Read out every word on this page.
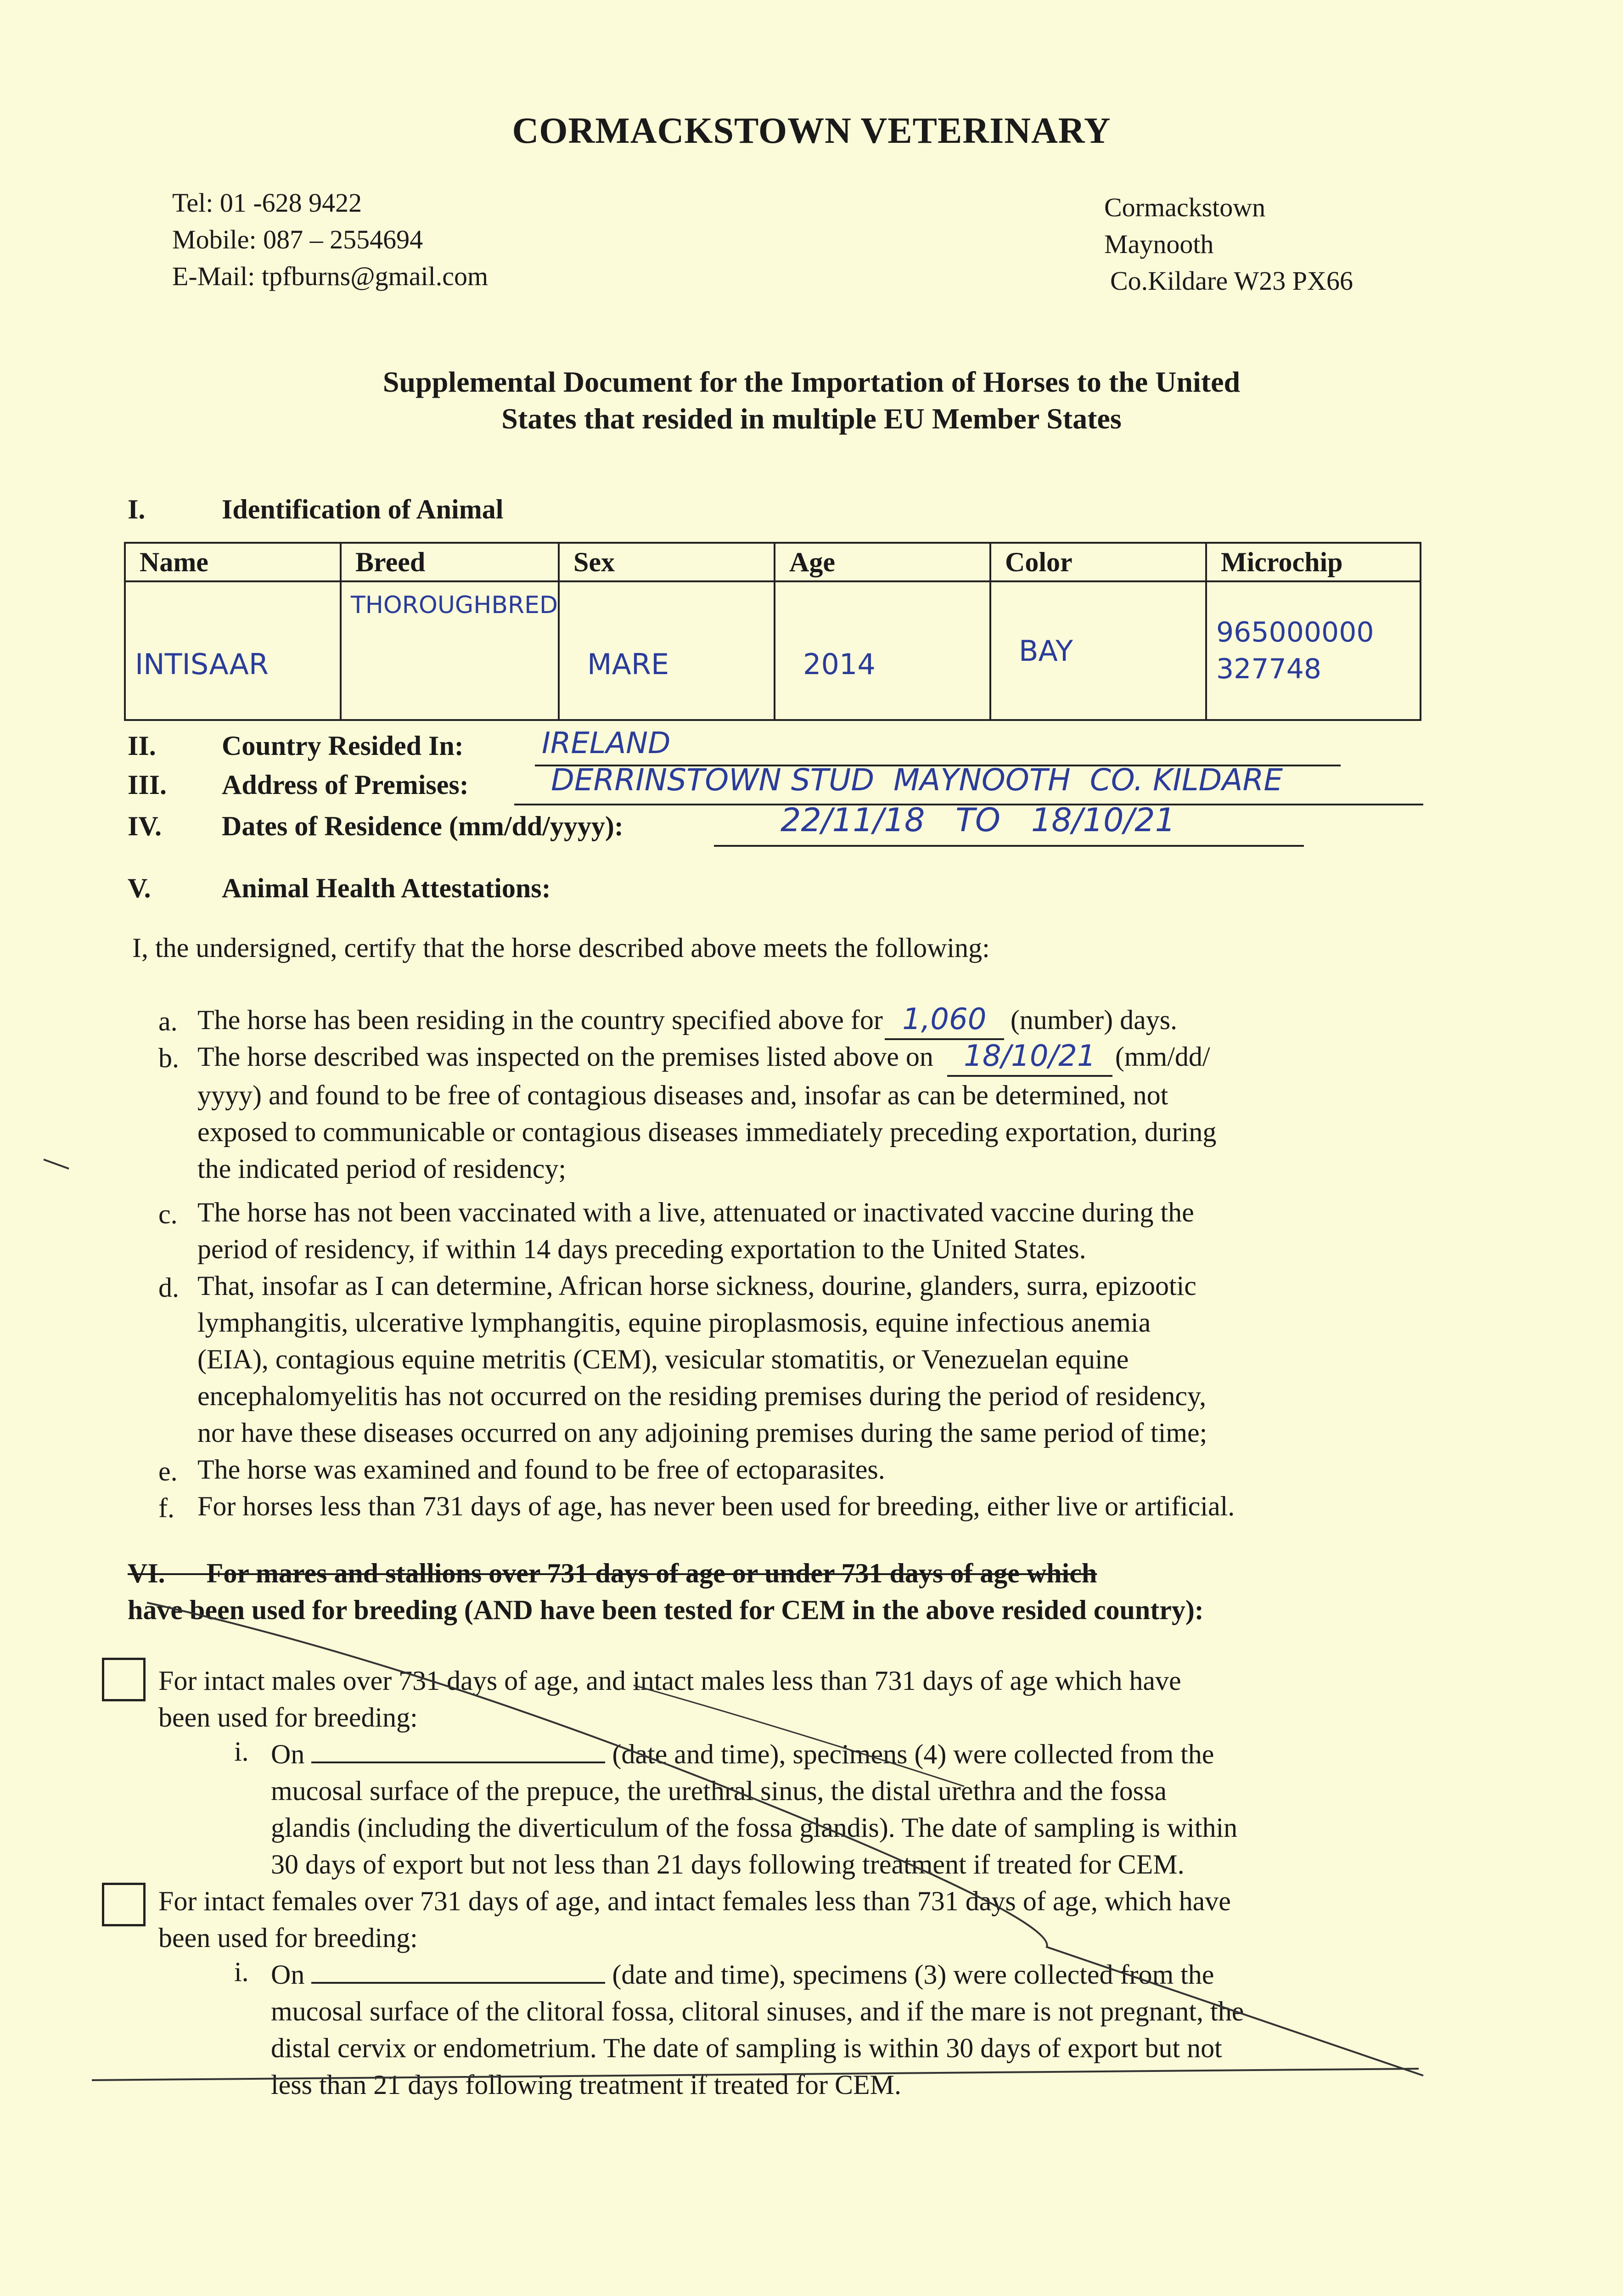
CORMACKSTOWN VETERINARY
Tel: 01 -628 9422
Mobile: 087 – 2554694
E-Mail: tpfburns@gmail.com
Cormackstown
Maynooth
Co.Kildare W23 PX66
Supplemental Document for the Importation of Horses to the United
States that resided in multiple EU Member States
I.	Identification of Animal
Name	Breed	Sex	Age	Color	Microchip
INTISAAR	THOROUGHBRED	MARE	2014	BAY	965000000 327748
II. Country Resided In:	IRELAND
III. Address of Premises:	DERRINSTOWN STUD  MAYNOOTH  CO. KILDARE
IV. Dates of Residence (mm/dd/yyyy):	22/11/18   TO   18/10/21
V.	Animal Health Attestations:
I, the undersigned, certify that the horse described above meets the following:
a. The horse has been residing in the country specified above for 1,060 (number) days.
b. The horse described was inspected on the premises listed above on 18/10/21 (mm/dd/
yyyy) and found to be free of contagious diseases and, insofar as can be determined, not
exposed to communicable or contagious diseases immediately preceding exportation, during
the indicated period of residency;
c. The horse has not been vaccinated with a live, attenuated or inactivated vaccine during the
period of residency, if within 14 days preceding exportation to the United States.
d. That, insofar as I can determine, African horse sickness, dourine, glanders, surra, epizootic
lymphangitis, ulcerative lymphangitis, equine piroplasmosis, equine infectious anemia
(EIA), contagious equine metritis (CEM), vesicular stomatitis, or Venezuelan equine
encephalomyelitis has not occurred on the residing premises during the period of residency,
nor have these diseases occurred on any adjoining premises during the same period of time;
e. The horse was examined and found to be free of ectoparasites.
f. For horses less than 731 days of age, has never been used for breeding, either live or artificial.
VI.      For mares and stallions over 731 days of age or under 731 days of age which
have been used for breeding (AND have been tested for CEM in the above resided country):
For intact males over 731 days of age, and intact males less than 731 days of age which have
been used for breeding:
i. On	(date and time), specimens (4) were collected from the
mucosal surface of the prepuce, the urethral sinus, the distal urethra and the fossa
glandis (including the diverticulum of the fossa glandis). The date of sampling is within
30 days of export but not less than 21 days following treatment if treated for CEM.
For intact females over 731 days of age, and intact females less than 731 days of age, which have
been used for breeding:
i. On	(date and time), specimens (3) were collected from the
mucosal surface of the clitoral fossa, clitoral sinuses, and if the mare is not pregnant, the
distal cervix or endometrium. The date of sampling is within 30 days of export but not
less than 21 days following treatment if treated for CEM.
